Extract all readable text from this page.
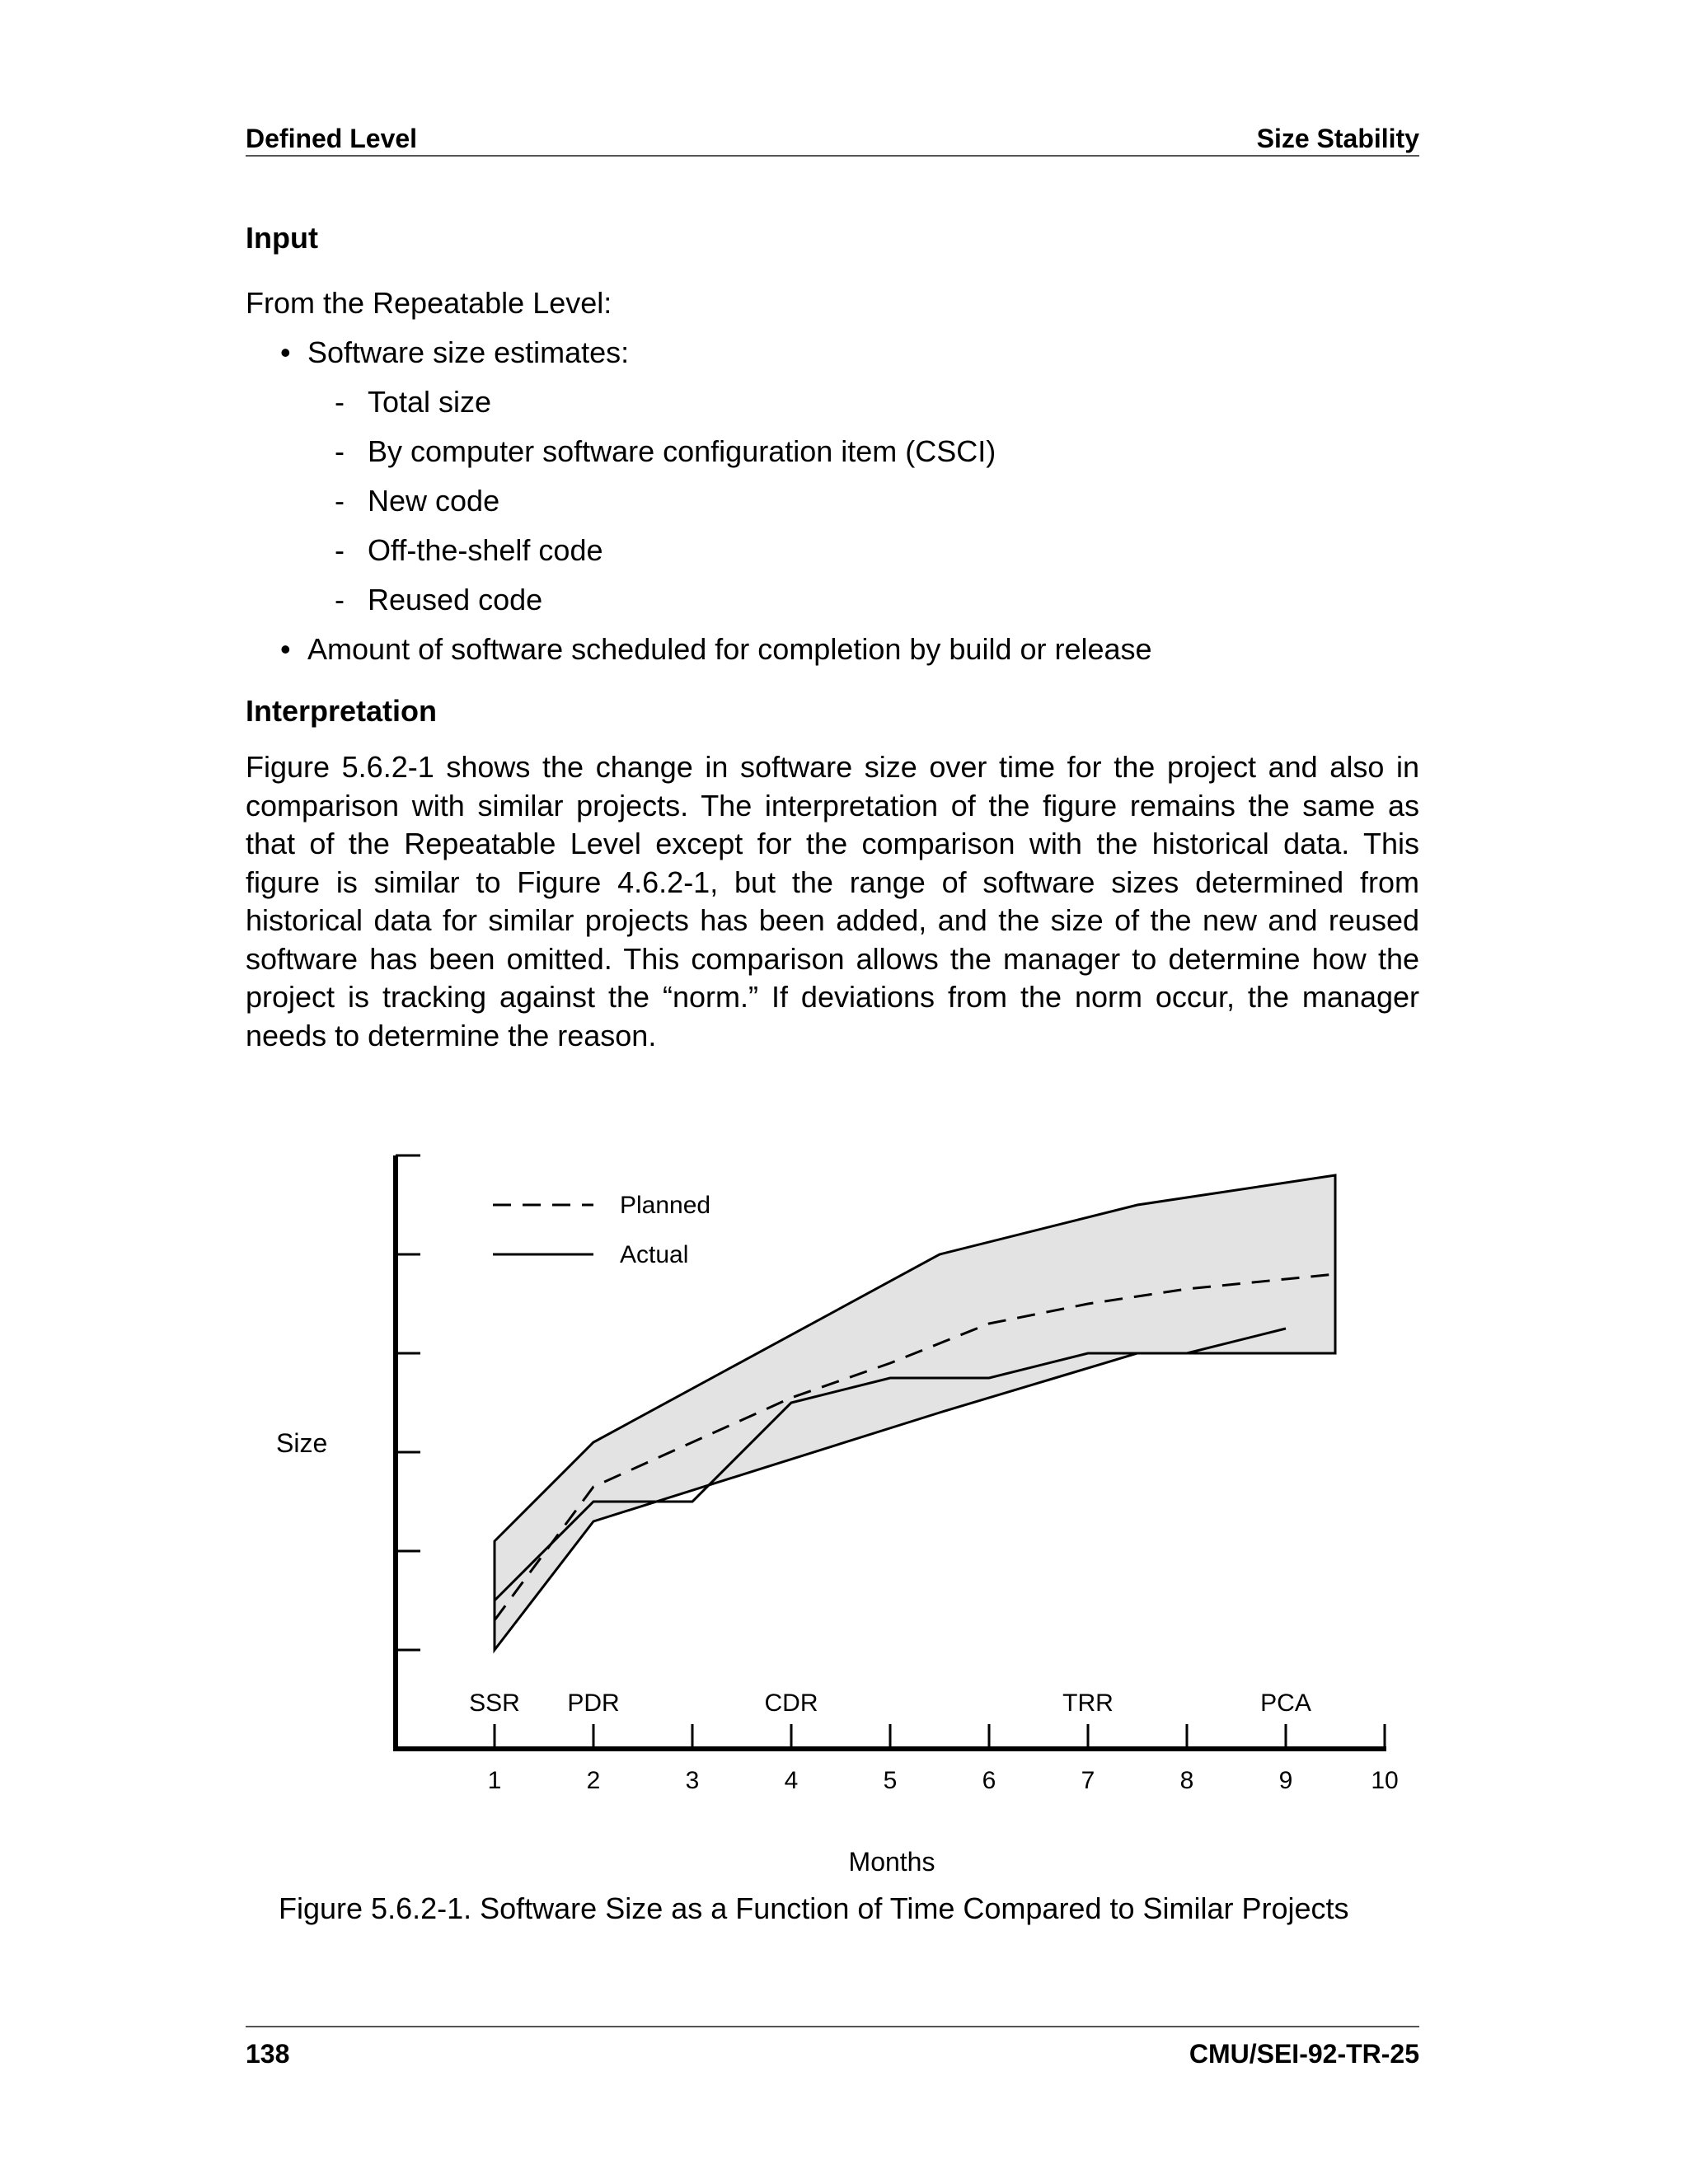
Defined Level	Size Stability
Input
From the Repeatable Level:
• Software size estimates:
- Total size
- By computer software configuration item (CSCI)
- New code
- Off-the-shelf code
- Reused code
• Amount of software scheduled for completion by build or release
Interpretation
Figure 5.6.2-1 shows the change in software size over time for the project and also in comparison with similar projects. The interpretation of the figure remains the same as that of the Repeatable Level except for the comparison with the historical data. This figure is similar to Figure 4.6.2-1, but the range of software sizes determined from historical data for similar projects has been added, and the size of the new and reused software has been omitted. This comparison allows the manager to determine how the project is tracking against the “norm.” If deviations from the norm occur, the manager needs to determine the reason.
1	2	3	4	5	6	7	8	9	10
SSR PDR	CDR	TRR	PCA
Planned
Actual
Size
Months
Figure 5.6.2-1. Software Size as a Function of Time Compared to Similar Projects
138	CMU/SEI-92-TR-25
